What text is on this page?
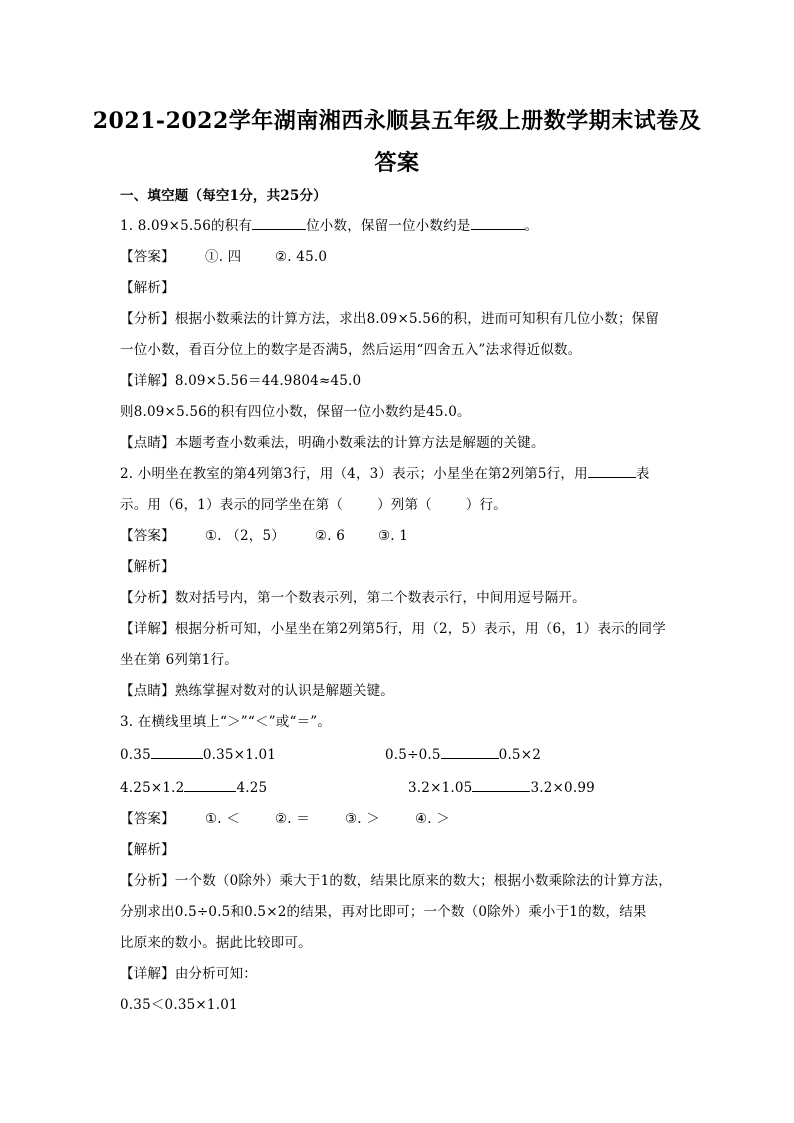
2021-2022学年湖南湘西永顺县五年级上册数学期末试卷及
答案
一、填空题（每空1分，共25分）
1. 8.09×5.56的积有	位小数，保留一位小数约是	。
【答案】 ①. 四 ②. 45.0
【解析】
【分析】根据小数乘法的计算方法，求出8.09×5.56的积，进而可知积有几位小数；保留
一位小数，看百分位上的数字是否满5，然后运用“四舍五入”法求得近似数。
【详解】8.09×5.56＝44.9804≈45.0
则8.09×5.56的积有四位小数，保留一位小数约是45.0。
【点睛】本题考查小数乘法，明确小数乘法的计算方法是解题的关键。
2. 小明坐在教室的第4列第3行，用（4，3）表示；小星坐在第2列第5行，用	表
示。用（6，1）表示的同学坐在第（	）列第（	）行。
【答案】 ①. （2，5） ②. 6 ③. 1
【解析】
【分析】数对括号内，第一个数表示列，第二个数表示行，中间用逗号隔开。
【详解】根据分析可知，小星坐在第2列第5行，用（2，5）表示，用（6，1）表示的同学
坐在第 6列第1行。
【点睛】熟练掌握对数对的认识是解题关键。
3. 在横线里填上“＞”“＜”或“＝”。
0.35	0.35×1.01	0.5÷0.5	0.5×2
4.25×1.2	4.25	3.2×1.05	3.2×0.99
【答案】 ①. ＜	②. ＝	③. ＞	④. ＞
【解析】
【分析】一个数（0除外）乘大于1的数，结果比原来的数大；根据小数乘除法的计算方法，
分别求出0.5÷0.5和0.5×2的结果，再对比即可；一个数（0除外）乘小于1的数，结果
比原来的数小。据此比较即可。
【详解】由分析可知：
0.35＜0.35×1.01
